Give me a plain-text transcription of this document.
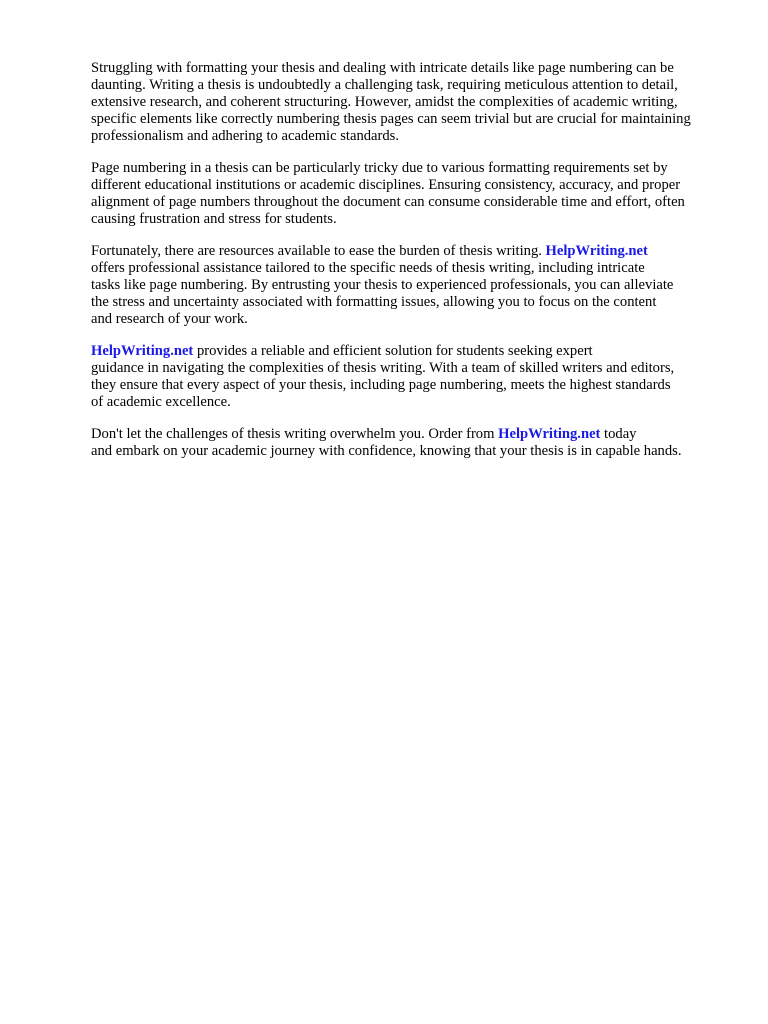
Struggling with formatting your thesis and dealing with intricate details like page numbering can be
daunting. Writing a thesis is undoubtedly a challenging task, requiring meticulous attention to detail,
extensive research, and coherent structuring. However, amidst the complexities of academic writing,
specific elements like correctly numbering thesis pages can seem trivial but are crucial for maintaining
professionalism and adhering to academic standards.

Page numbering in a thesis can be particularly tricky due to various formatting requirements set by
different educational institutions or academic disciplines. Ensuring consistency, accuracy, and proper
alignment of page numbers throughout the document can consume considerable time and effort, often
causing frustration and stress for students.

Fortunately, there are resources available to ease the burden of thesis writing. HelpWriting.net
offers professional assistance tailored to the specific needs of thesis writing, including intricate
tasks like page numbering. By entrusting your thesis to experienced professionals, you can alleviate
the stress and uncertainty associated with formatting issues, allowing you to focus on the content
and research of your work.

HelpWriting.net provides a reliable and efficient solution for students seeking expert
guidance in navigating the complexities of thesis writing. With a team of skilled writers and editors,
they ensure that every aspect of your thesis, including page numbering, meets the highest standards
of academic excellence.

Don't let the challenges of thesis writing overwhelm you. Order from HelpWriting.net today
and embark on your academic journey with confidence, knowing that your thesis is in capable hands.
